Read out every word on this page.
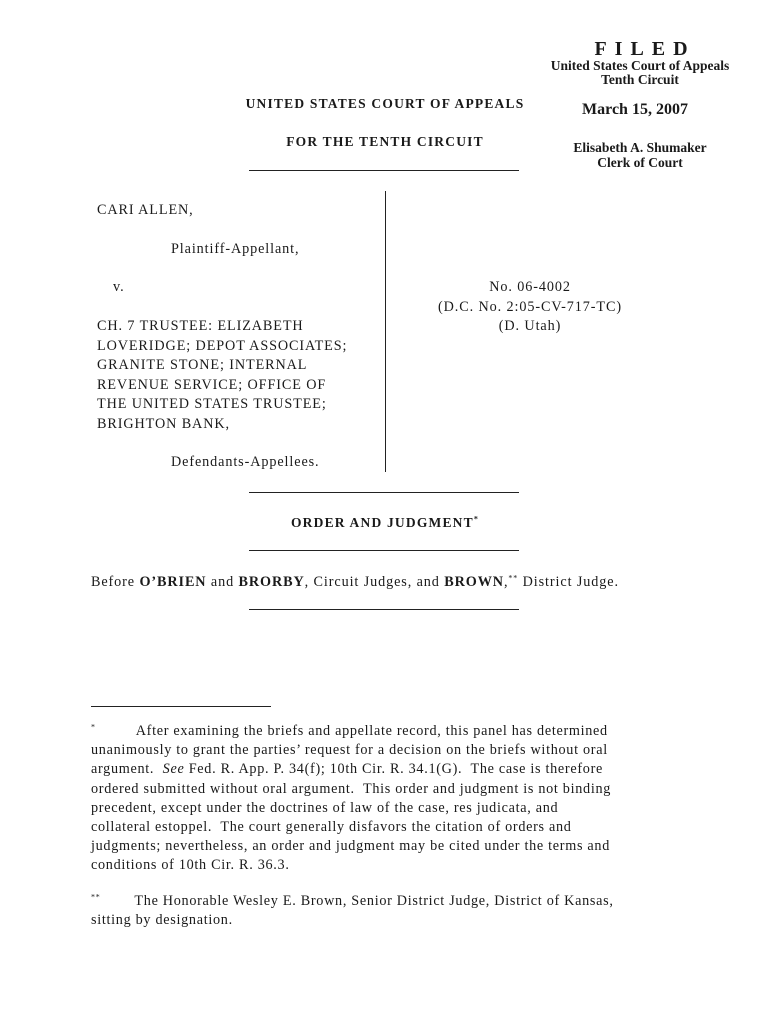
FILED
United States Court of Appeals
Tenth Circuit
March 15, 2007
Elisabeth A. Shumaker
Clerk of Court
UNITED STATES COURT OF APPEALS
FOR THE TENTH CIRCUIT
CARI ALLEN,
Plaintiff-Appellant,
v.
CH. 7 TRUSTEE: ELIZABETH
LOVERIDGE; DEPOT ASSOCIATES;
GRANITE STONE; INTERNAL
REVENUE SERVICE; OFFICE OF
THE UNITED STATES TRUSTEE;
BRIGHTON BANK,
Defendants-Appellees.
No. 06-4002
(D.C. No. 2:05-CV-717-TC)
(D. Utah)
ORDER AND JUDGMENT*
Before O’BRIEN and BRORBY, Circuit Judges, and BROWN,** District Judge.
*	After examining the briefs and appellate record, this panel has determined
unanimously to grant the parties’ request for a decision on the briefs without oral
argument.  See Fed. R. App. P. 34(f); 10th Cir. R. 34.1(G).  The case is therefore
ordered submitted without oral argument.  This order and judgment is not binding
precedent, except under the doctrines of law of the case, res judicata, and
collateral estoppel.  The court generally disfavors the citation of orders and
judgments; nevertheless, an order and judgment may be cited under the terms and
conditions of 10th Cir. R. 36.3.
** The Honorable Wesley E. Brown, Senior District Judge, District of Kansas,
sitting by designation.
